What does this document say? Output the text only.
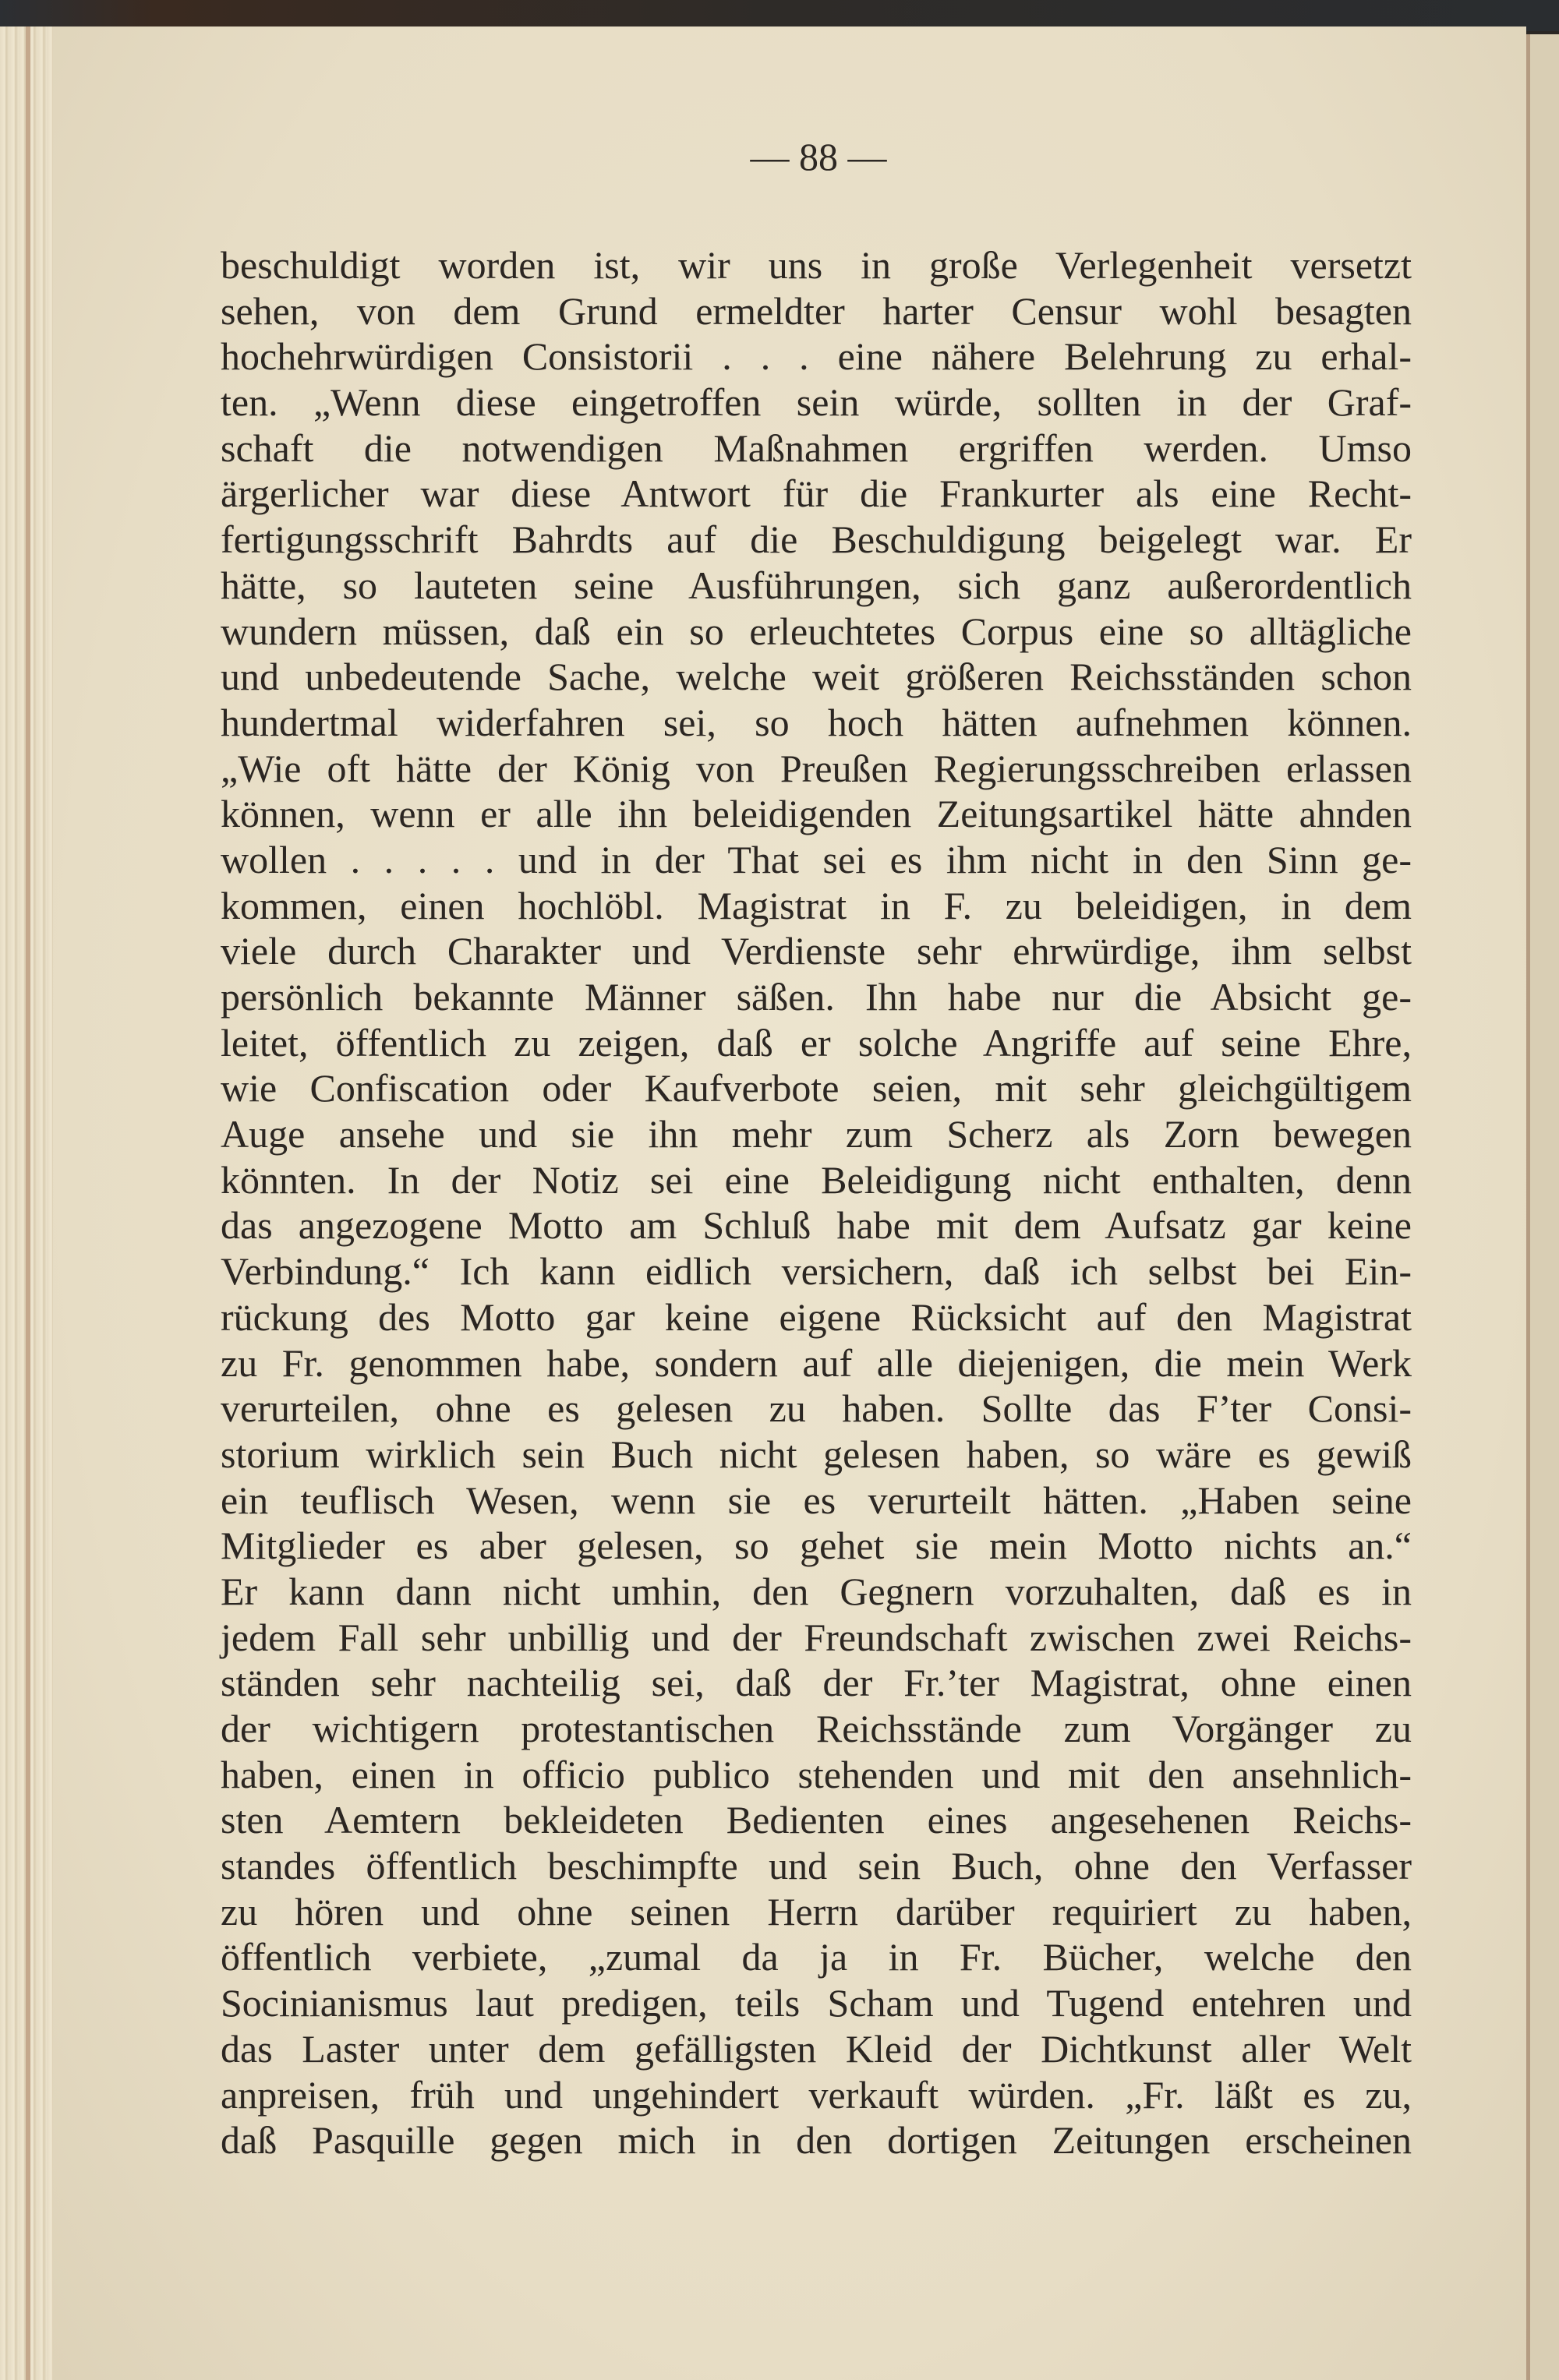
— 88 —
beschuldigt worden ist, wir uns in große Verlegenheit versetzt
sehen, von dem Grund ermeldter harter Censur wohl besagten
hochehrwürdigen Consistorii . . . eine nähere Belehrung zu erhal-
ten. „Wenn diese eingetroffen sein würde, sollten in der Graf-
schaft die notwendigen Maßnahmen ergriffen werden. Umso
ärgerlicher war diese Antwort für die Frankurter als eine Recht-
fertigungsschrift Bahrdts auf die Beschuldigung beigelegt war. Er
hätte, so lauteten seine Ausführungen, sich ganz außerordentlich
wundern müssen, daß ein so erleuchtetes Corpus eine so alltägliche
und unbedeutende Sache, welche weit größeren Reichsständen schon
hundertmal widerfahren sei, so hoch hätten aufnehmen können.
„Wie oft hätte der König von Preußen Regierungsschreiben erlassen
können, wenn er alle ihn beleidigenden Zeitungsartikel hätte ahnden
wollen . . . . . und in der That sei es ihm nicht in den Sinn ge-
kommen, einen hochlöbl. Magistrat in F. zu beleidigen, in dem
viele durch Charakter und Verdienste sehr ehrwürdige, ihm selbst
persönlich bekannte Männer säßen. Ihn habe nur die Absicht ge-
leitet, öffentlich zu zeigen, daß er solche Angriffe auf seine Ehre,
wie Confiscation oder Kaufverbote seien, mit sehr gleichgültigem
Auge ansehe und sie ihn mehr zum Scherz als Zorn bewegen
könnten. In der Notiz sei eine Beleidigung nicht enthalten, denn
das angezogene Motto am Schluß habe mit dem Aufsatz gar keine
Verbindung.“ Ich kann eidlich versichern, daß ich selbst bei Ein-
rückung des Motto gar keine eigene Rücksicht auf den Magistrat
zu Fr. genommen habe, sondern auf alle diejenigen, die mein Werk
verurteilen, ohne es gelesen zu haben. Sollte das F’ter Consi-
storium wirklich sein Buch nicht gelesen haben, so wäre es gewiß
ein teuflisch Wesen, wenn sie es verurteilt hätten. „Haben seine
Mitglieder es aber gelesen, so gehet sie mein Motto nichts an.“
Er kann dann nicht umhin, den Gegnern vorzuhalten, daß es in
jedem Fall sehr unbillig und der Freundschaft zwischen zwei Reichs-
ständen sehr nachteilig sei, daß der Fr.’ter Magistrat, ohne einen
der wichtigern protestantischen Reichsstände zum Vorgänger zu
haben, einen in officio publico stehenden und mit den ansehnlich-
sten Aemtern bekleideten Bedienten eines angesehenen Reichs-
standes öffentlich beschimpfte und sein Buch, ohne den Verfasser
zu hören und ohne seinen Herrn darüber requiriert zu haben,
öffentlich verbiete, „zumal da ja in Fr. Bücher, welche den
Socinianismus laut predigen, teils Scham und Tugend entehren und
das Laster unter dem gefälligsten Kleid der Dichtkunst aller Welt
anpreisen, früh und ungehindert verkauft würden. „Fr. läßt es zu,
daß Pasquille gegen mich in den dortigen Zeitungen erscheinen
